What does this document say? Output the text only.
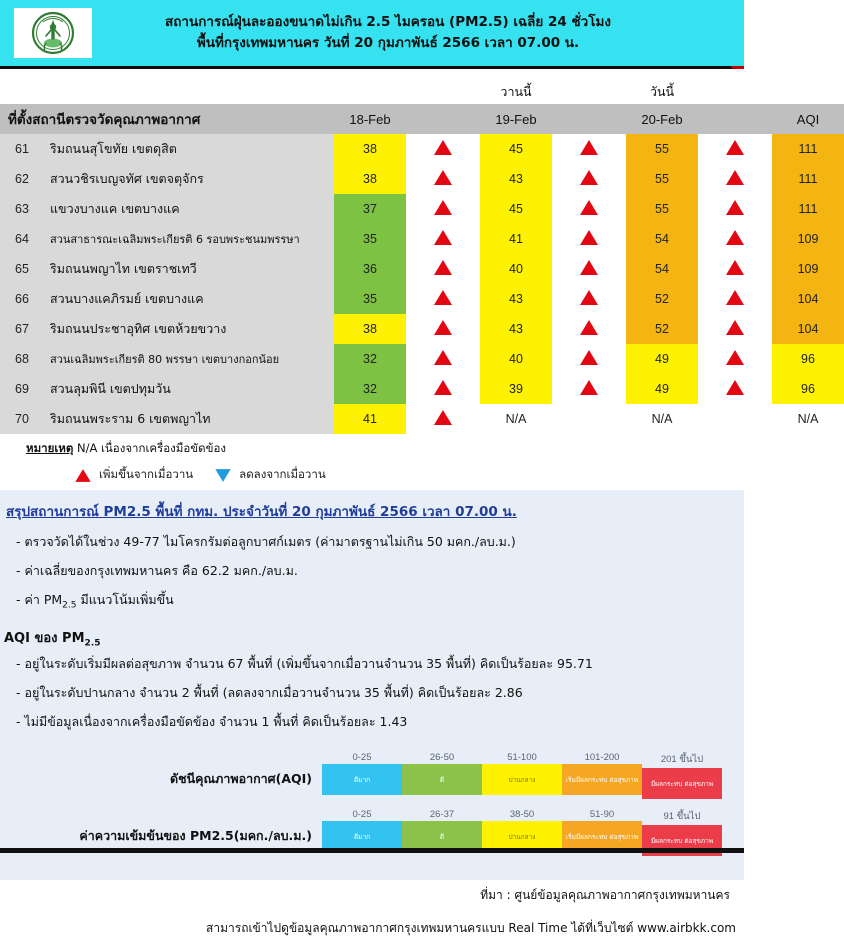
สถานการณ์ฝุ่นละอองขนาดไม่เกิน 2.5 ไมครอน (PM2.5) เฉลี่ย 24 ชั่วโมง
พื้นที่กรุงเทพมหานคร วันที่ 20 กุมภาพันธ์ 2566 เวลา 07.00 น.
				วานนี้		วันนี้		
ที่ตั้งสถานีตรวจวัดคุณภาพอากาศ		18-Feb		19-Feb		20-Feb		AQI
61	ริมถนนสุโขทัย เขตดุสิต	38		45		55		111
62	สวนวชิรเบญจทัศ เขตจตุจักร	38		43		55		111
63	แขวงบางแค เขตบางแค	37		45		55		111
64	สวนสาธารณะเฉลิมพระเกียรติ 6 รอบพระชนมพรรษา	35		41		54		109
65	ริมถนนพญาไท เขตราชเทวี	36		40		54		109
66	สวนบางแคภิรมย์ เขตบางแค	35		43		52		104
67	ริมถนนประชาอุทิศ เขตห้วยขวาง	38		43		52		104
68	สวนเฉลิมพระเกียรติ 80 พรรษา เขตบางกอกน้อย	32		40		49		96
69	สวนลุมพินี เขตปทุมวัน	32		39		49		96
70	ริมถนนพระราม 6 เขตพญาไท	41		N/A		N/A		N/A
หมายเหตุ N/A เนื่องจากเครื่องมือขัดข้อง
เพิ่มขึ้นจากเมื่อวาน	ลดลงจากเมื่อวาน
สรุปสถานการณ์ PM2.5 พื้นที่ กทม. ประจำวันที่ 20 กุมภาพันธ์ 2566 เวลา 07.00 น.
- ตรวจวัดได้ในช่วง 49-77 ไมโครกรัมต่อลูกบาศก์เมตร (ค่ามาตรฐานไม่เกิน 50 มคก./ลบ.ม.)
- ค่าเฉลี่ยของกรุงเทพมหานคร คือ 62.2 มคก./ลบ.ม.
- ค่า $PM_{2.5}$ มีแนวโน้มเพิ่มขึ้น
AQI ของ $PM_{2.5}$
- อยู่ในระดับเริ่มมีผลต่อสุขภาพ จำนวน 67 พื้นที่ (เพิ่มขึ้นจากเมื่อวานจำนวน 35 พื้นที่) คิดเป็นร้อยละ 95.71
- อยู่ในระดับปานกลาง จำนวน 2 พื้นที่ (ลดลงจากเมื่อวานจำนวน 35 พื้นที่) คิดเป็นร้อยละ 2.86
- ไม่มีข้อมูลเนื่องจากเครื่องมือขัดข้อง จำนวน 1 พื้นที่ คิดเป็นร้อยละ 1.43
ดัชนีคุณภาพอากาศ(AQI)
0-25
ดีมาก
26-50
ดี
51-100
ปานกลาง
101-200
เริ่มมีผลกระทบ ต่อสุขภาพ
201 ขึ้นไป
มีผลกระทบ ต่อสุขภาพ
ค่าความเข้มข้นของ PM2.5(มคก./ลบ.ม.)
0-25
ดีมาก
26-37
ดี
38-50
ปานกลาง
51-90
เริ่มมีผลกระทบ ต่อสุขภาพ
91 ขึ้นไป
มีผลกระทบ ต่อสุขภาพ
ที่มา : ศูนย์ข้อมูลคุณภาพอากาศกรุงเทพมหานคร
สามารถเข้าไปดูข้อมูลคุณภาพอากาศกรุงเทพมหานครแบบ Real Time ได้ที่เว็บไซต์ www.airbkk.com
